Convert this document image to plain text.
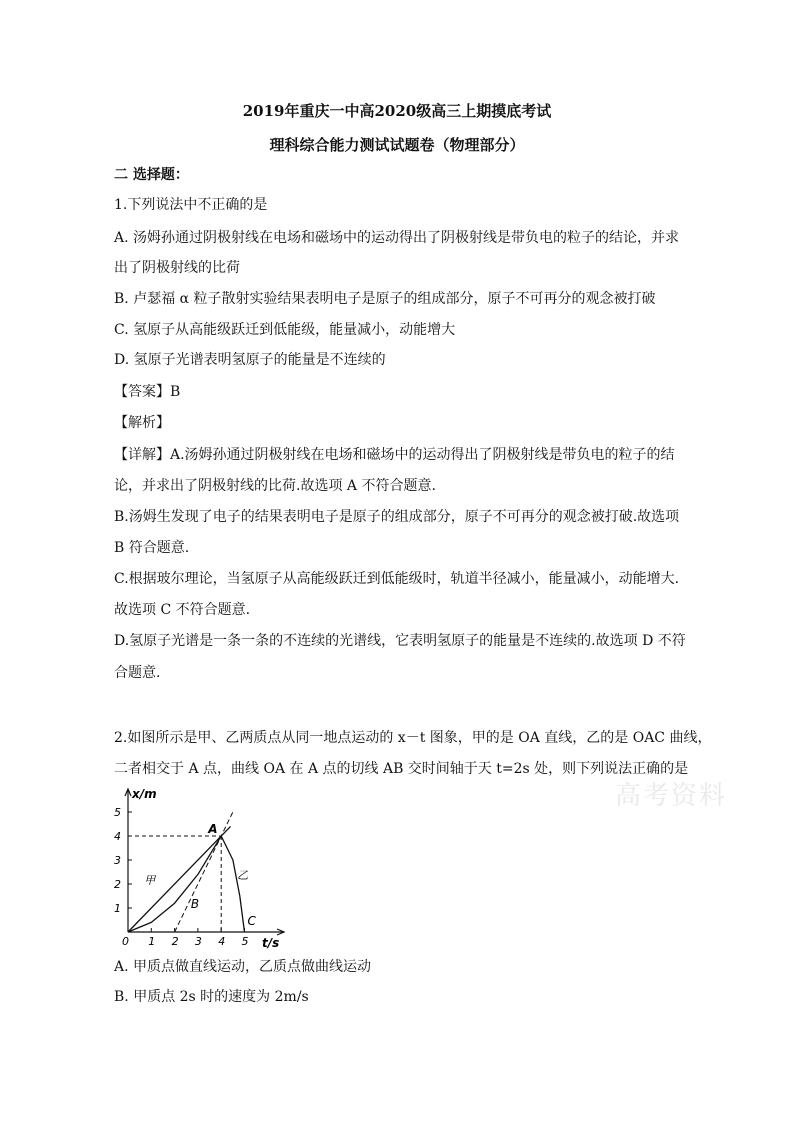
2019年重庆一中高2020级高三上期摸底考试
理科综合能力测试试题卷（物理部分）
二 选择题：
1.下列说法中不正确的是
A. 汤姆孙通过阴极射线在电场和磁场中的运动得出了阴极射线是带负电的粒子的结论，并求
出了阴极射线的比荷
B. 卢瑟福 α 粒子散射实验结果表明电子是原子的组成部分，原子不可再分的观念被打破
C. 氢原子从高能级跃迁到低能级，能量减小，动能增大
D. 氢原子光谱表明氢原子的能量是不连续的
【答案】B
【解析】
【详解】A.汤姆孙通过阴极射线在电场和磁场中的运动得出了阴极射线是带负电的粒子的结
论，并求出了阴极射线的比荷.故选项 A 不符合题意.
B.汤姆生发现了电子的结果表明电子是原子的组成部分，原子不可再分的观念被打破.故选项
B 符合题意.
C.根据玻尔理论，当氢原子从高能级跃迁到低能级时，轨道半径减小，能量减小，动能增大.
故选项 C 不符合题意.
D.氢原子光谱是一条一条的不连续的光谱线，它表明氢原子的能量是不连续的.故选项 D 不符
合题意.
2.如图所示是甲、乙两质点从同一地点运动的 x－t 图象，甲的是 OA 直线，乙的是 OAC 曲线，
二者相交于 A 点，曲线 OA 在 A 点的切线 AB 交时间轴于天 t=2s 处，则下列说法正确的是
高考资料
1
2
3
4
5
1 2 3 4 5
0
x/m
t/s
A
B
C
甲	乙
A. 甲质点做直线运动，乙质点做曲线运动
B. 甲质点 2s 时的速度为 2m/s
